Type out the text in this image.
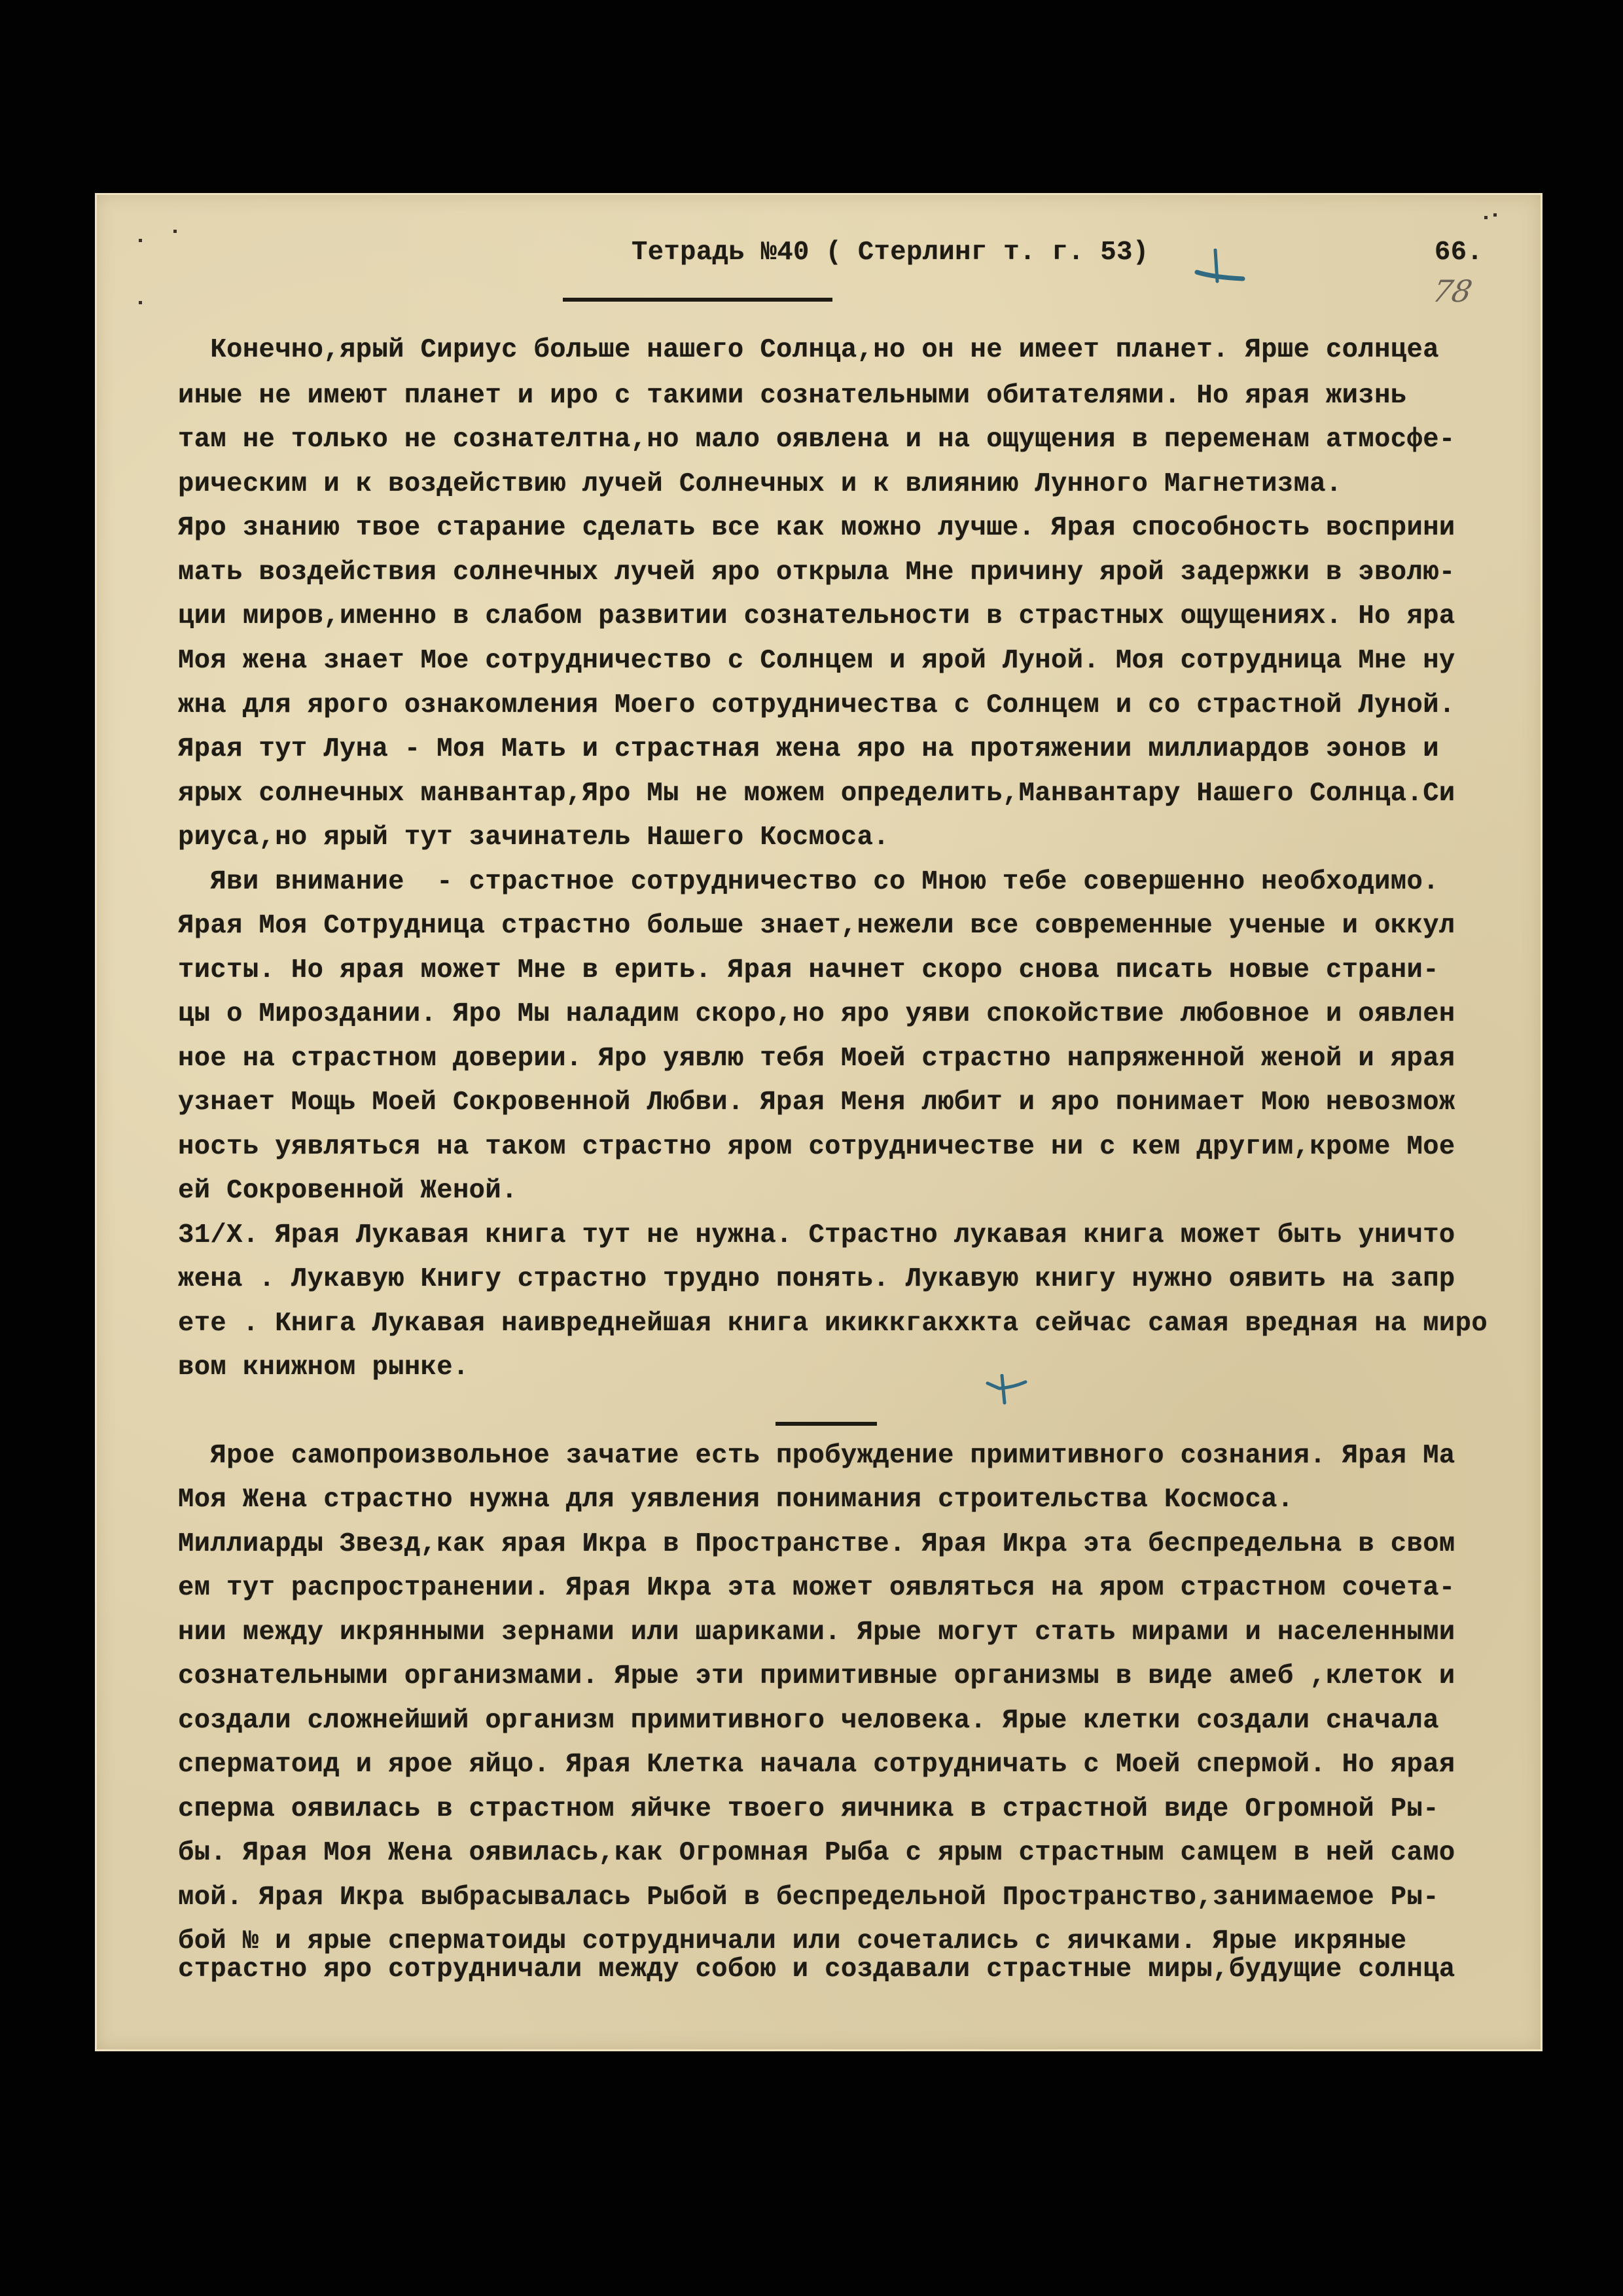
Тетрадь №40 ( Стерлинг т. г. 53)	66.
78
Конечно,ярый Сириус больше нашего Солнца,но он не имеет планет. Ярше солнцеа
иные не имеют планет и иро с такими сознательными обитателями. Но ярая жизнь
там не только не сознателтна,но мало оявлена и на ощущения в переменам атмосфе-
рическим и к воздействию лучей Солнечных и к влиянию Лунного Магнетизма.
Яро знанию твое старание сделать все как можно лучше. Ярая способность восприни
мать воздействия солнечных лучей яро открыла Мне причину ярой задержки в эволю-
ции миров,именно в слабом развитии сознательности в страстных ощущениях. Но яра
Моя жена знает Мое сотрудничество с Солнцем и ярой Луной. Моя сотрудница Мне ну
жна для ярого ознакомления Моего сотрудничества с Солнцем и со страстной Луной.
Ярая тут Луна - Моя Мать и страстная жена яро на протяжении миллиардов эонов и
ярых солнечных манвантар,Яро Мы не можем определить,Манвантару Нашего Солнца.Си
риуса,но ярый тут зачинатель Нашего Космоса.
Яви внимание  - страстное сотрудничество со Мною тебе совершенно необходимо.
Ярая Моя Сотрудница страстно больше знает,нежели все современные ученые и оккул
тисты. Но ярая может Мне в ерить. Ярая начнет скоро снова писать новые страни-
цы о Мироздании. Яро Мы наладим скоро,но яро уяви спокойствие любовное и оявлен
ное на страстном доверии. Яро уявлю тебя Моей страстно напряженной женой и ярая
узнает Мощь Моей Сокровенной Любви. Ярая Меня любит и яро понимает Мою невозмож
ность уявляться на таком страстно яром сотрудничестве ни с кем другим,кроме Мое
ей Сокровенной Женой.
31/X. Ярая Лукавая книга тут не нужна. Страстно лукавая книга может быть уничто
жена . Лукавую Книгу страстно трудно понять. Лукавую книгу нужно оявить на запр
ете . Книга Лукавая наивреднейшая книга икиккгакхкта сейчас самая вредная на миро
вом книжном рынке.
Ярое самопроизвольное зачатие есть пробуждение примитивного сознания. Ярая Ма
Моя Жена страстно нужна для уявления понимания строительства Космоса.
Миллиарды Звезд,как ярая Икра в Пространстве. Ярая Икра эта беспредельна в свом
ем тут распространении. Ярая Икра эта может оявляться на яром страстном сочета-
нии между икрянными зернами или шариками. Ярые могут стать мирами и населенными
сознательными организмами. Ярые эти примитивные организмы в виде амеб ,клеток и
создали сложнейший организм примитивного человека. Ярые клетки создали сначала
сперматоид и ярое яйцо. Ярая Клетка начала сотрудничать с Моей спермой. Но ярая
сперма оявилась в страстном яйчке твоего яичника в страстной виде Огромной Ры-
бы. Ярая Моя Жена оявилась,как Огромная Рыба с ярым страстным самцем в ней само
мой. Ярая Икра выбрасывалась Рыбой в беспредельной Пространство,занимаемое Ры-
бой № и ярые сперматоиды сотрудничали или сочетались с яичками. Ярые икряные
страстно яро сотрудничали между собою и создавали страстные миры,будущие солнца
